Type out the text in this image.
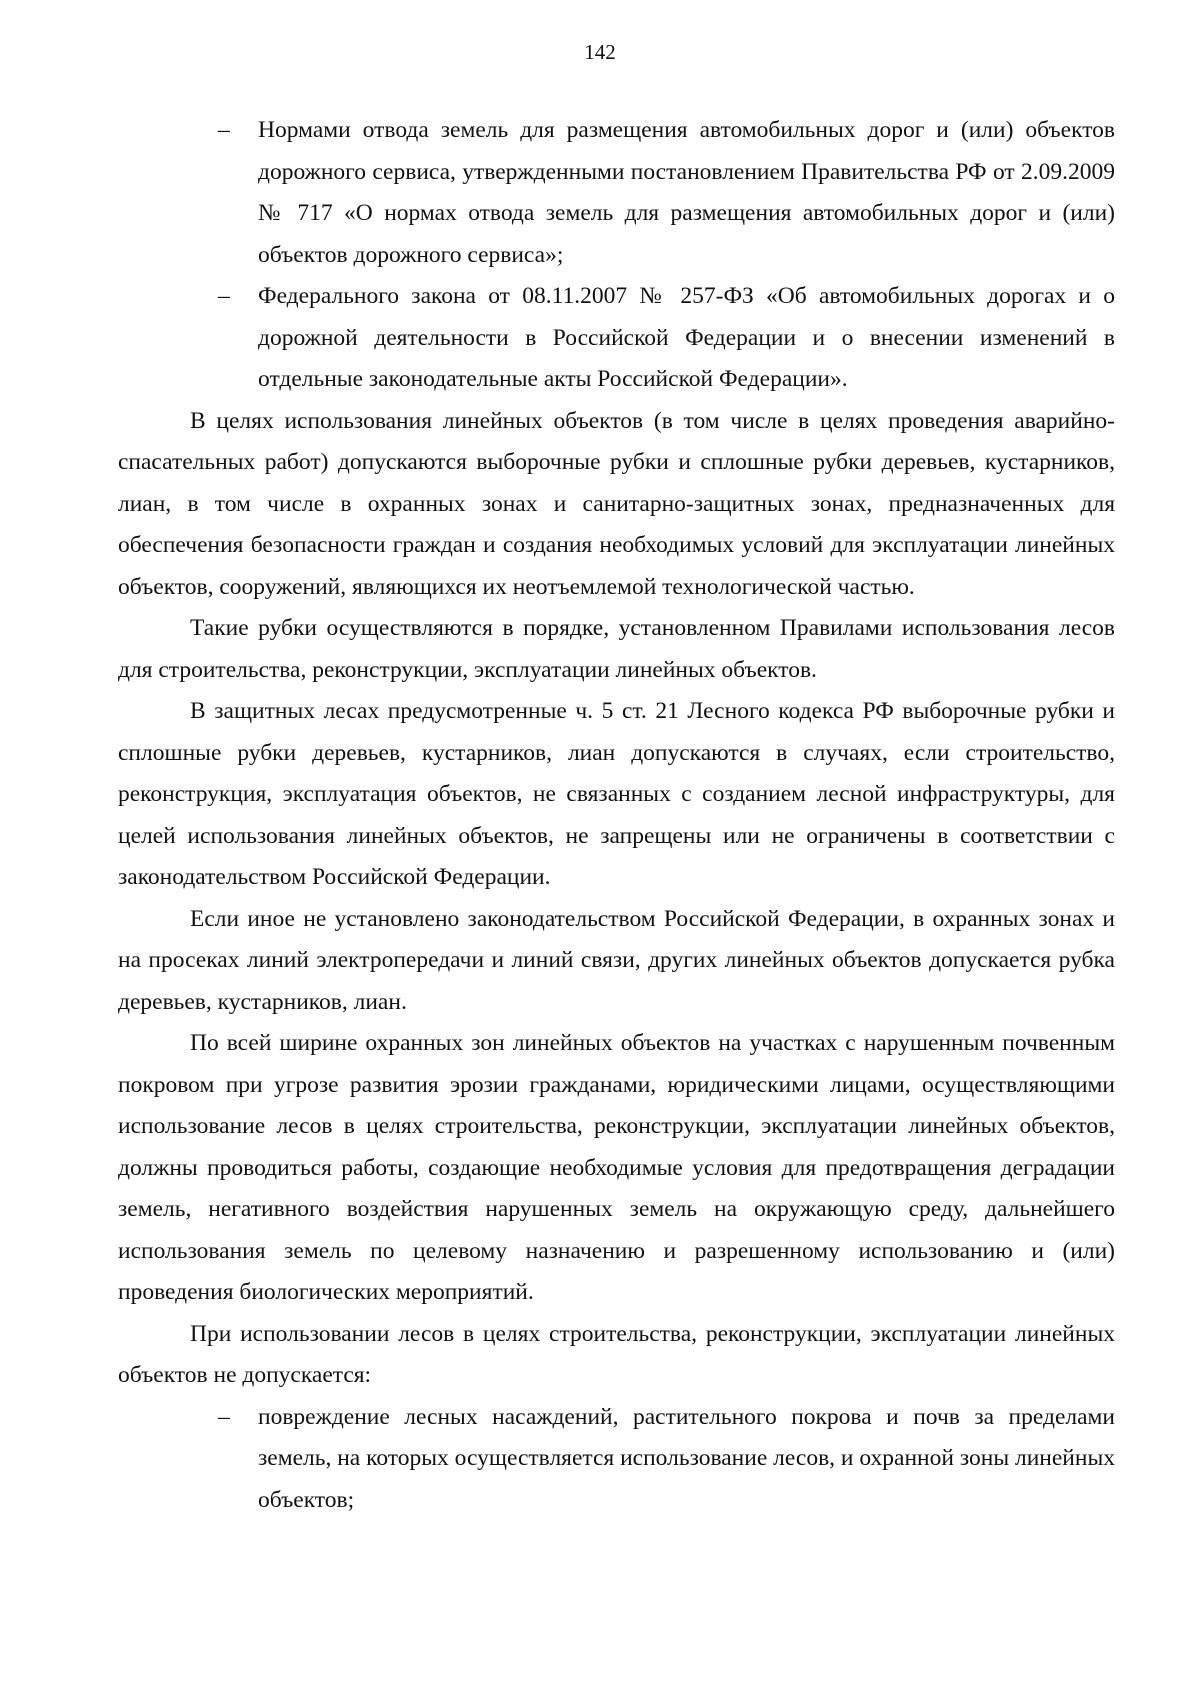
142
– Нормами отвода земель для размещения автомобильных дорог и (или) объектов дорожного сервиса, утвержденными постановлением Правительства РФ от 2.09.2009 № 717 «О нормах отвода земель для размещения автомобильных дорог и (или) объектов дорожного сервиса»;
– Федерального закона от 08.11.2007 № 257-ФЗ «Об автомобильных дорогах и о дорожной деятельности в Российской Федерации и о внесении изменений в отдельные законодательные акты Российской Федерации».

В целях использования линейных объектов (в том числе в целях проведения аварийно-спасательных работ) допускаются выборочные рубки и сплошные рубки деревьев, кустарников, лиан, в том числе в охранных зонах и санитарно-защитных зонах, предназначенных для обеспечения безопасности граждан и создания необходимых условий для эксплуатации линейных объектов, сооружений, являющихся их неотъемлемой технологической частью.

Такие рубки осуществляются в порядке, установленном Правилами использования лесов для строительства, реконструкции, эксплуатации линейных объектов.

В защитных лесах предусмотренные ч. 5 ст. 21 Лесного кодекса РФ выборочные рубки и сплошные рубки деревьев, кустарников, лиан допускаются в случаях, если строительство, реконструкция, эксплуатация объектов, не связанных с созданием лесной инфраструктуры, для целей использования линейных объектов, не запрещены или не ограничены в соответствии с законодательством Российской Федерации.

Если иное не установлено законодательством Российской Федерации, в охранных зонах и на просеках линий электропередачи и линий связи, других линейных объектов допускается рубка деревьев, кустарников, лиан.

По всей ширине охранных зон линейных объектов на участках с нарушенным почвенным покровом при угрозе развития эрозии гражданами, юридическими лицами, осуществляющими использование лесов в целях строительства, реконструкции, эксплуатации линейных объектов, должны проводиться работы, создающие необходимые условия для предотвращения деградации земель, негативного воздействия нарушенных земель на окружающую среду, дальнейшего использования земель по целевому назначению и разрешенному использованию и (или) проведения биологических мероприятий.

При использовании лесов в целях строительства, реконструкции, эксплуатации линейных объектов не допускается:

– повреждение лесных насаждений, растительного покрова и почв за пределами земель, на которых осуществляется использование лесов, и охранной зоны линейных объектов;
